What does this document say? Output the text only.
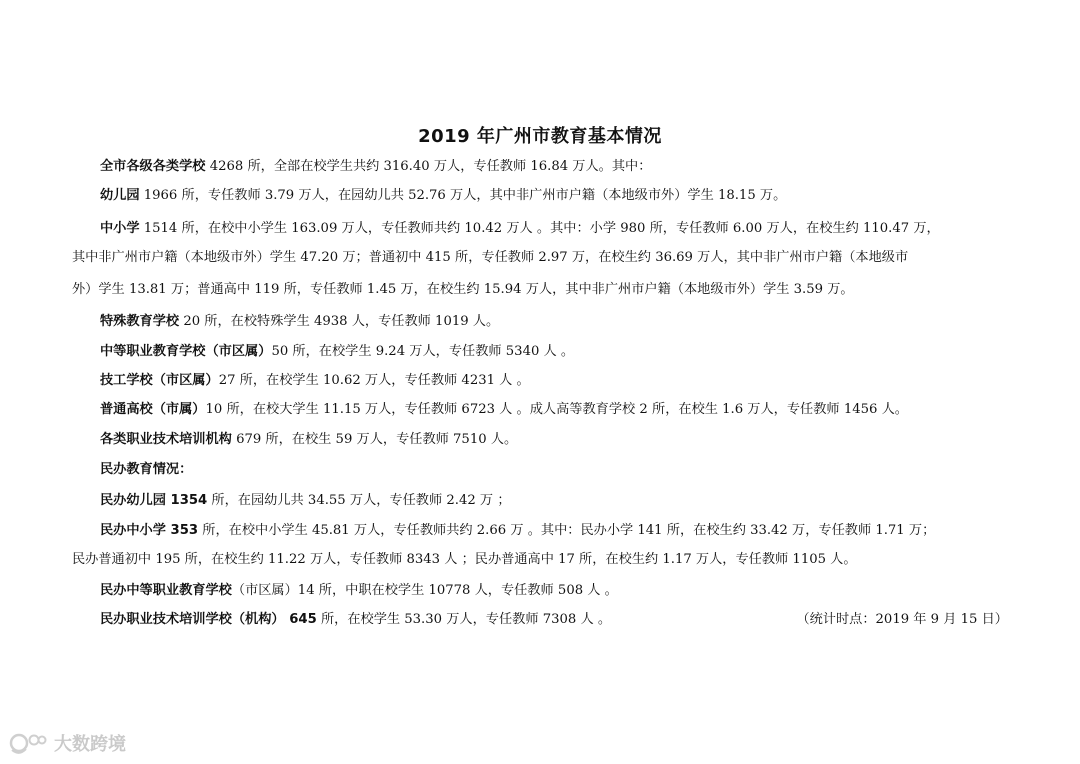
2019 年广州市教育基本情况
全市各级各类学校 4268 所，全部在校学生共约 316.40 万人，专任教师 16.84 万人。其中：
幼儿园 1966 所，专任教师 3.79 万人，在园幼儿共 52.76 万人，其中非广州市户籍（本地级市外）学生 18.15 万。
中小学 1514 所，在校中小学生 163.09 万人，专任教师共约 10.42 万人 。其中：小学 980 所，专任教师 6.00 万人，在校生约 110.47 万，
其中非广州市户籍（本地级市外）学生 47.20 万；普通初中 415 所，专任教师 2.97 万，在校生约 36.69 万人，其中非广州市户籍（本地级市
外）学生 13.81 万；普通高中 119 所，专任教师 1.45 万，在校生约 15.94 万人，其中非广州市户籍（本地级市外）学生 3.59 万。
特殊教育学校 20 所，在校特殊学生 4938 人，专任教师 1019 人。
中等职业教育学校（市区属）50 所，在校学生 9.24 万人，专任教师 5340 人 。
技工学校（市区属）27 所，在校学生 10.62 万人，专任教师 4231 人 。
普通高校（市属）10 所，在校大学生 11.15 万人，专任教师 6723 人 。成人高等教育学校 2 所，在校生 1.6 万人，专任教师 1456 人。
各类职业技术培训机构 679 所，在校生 59 万人，专任教师 7510 人。
民办教育情况：
民办幼儿园 1354 所，在园幼儿共 34.55 万人，专任教师 2.42 万 ；
民办中小学 353 所，在校中小学生 45.81 万人，专任教师共约 2.66 万 。其中：民办小学 141 所，在校生约 33.42 万，专任教师 1.71 万；
民办普通初中 195 所，在校生约 11.22 万人，专任教师 8343 人 ；民办普通高中 17 所，在校生约 1.17 万人，专任教师 1105 人。
民办中等职业教育学校（市区属）14 所，中职在校学生 10778 人，专任教师 508 人 。
民办职业技术培训学校（机构） 645 所，在校学生 53.30 万人，专任教师 7308 人 。	（统计时点：2019 年 9 月 15 日）
大数跨境
